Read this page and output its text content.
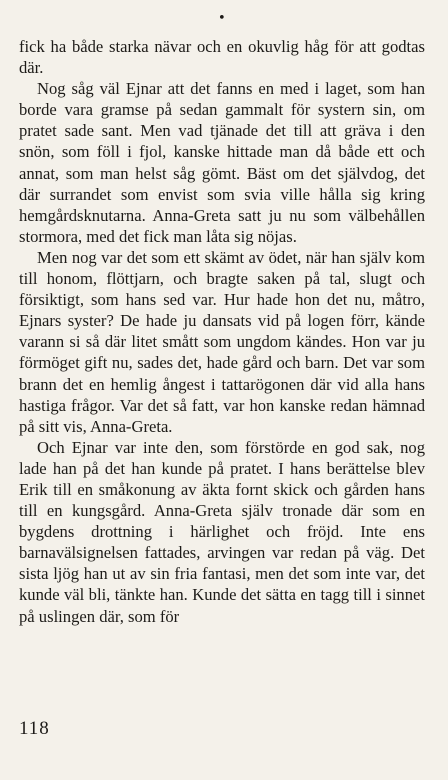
•

fick ha både starka nävar och en okuvlig håg för att godtas där.

Nog såg väl Ejnar att det fanns en med i laget, som han borde vara gramse på sedan gammalt för systern sin, om pratet sade sant. Men vad tjänade det till att gräva i den snön, som föll i fjol, kanske hittade man då både ett och annat, som man helst såg gömt. Bäst om det självdog, det där surrandet som envist som svia ville hålla sig kring hemgårdsknutarna. Anna-Greta satt ju nu som välbehållen stormora, med det fick man låta sig nöjas.

Men nog var det som ett skämt av ödet, när han själv kom till honom, flöttjarn, och bragte saken på tal, slugt och försiktigt, som hans sed var. Hur hade hon det nu, måtro, Ejnars syster? De hade ju dansats vid på logen förr, kände varann si så där litet smått som ungdom kändes. Hon var ju förmöget gift nu, sades det, hade gård och barn. Det var som brann det en hemlig ångest i tattarögonen där vid alla hans hastiga frågor. Var det så fatt, var hon kanske redan hämnad på sitt vis, Anna-Greta.

Och Ejnar var inte den, som förstörde en god sak, nog lade han på det han kunde på pratet. I hans berättelse blev Erik till en småkonung av äkta fornt skick och gården hans till en kungsgård. Anna-Greta själv tronade där som en bygdens drottning i härlighet och fröjd. Inte ens barnavälsignelsen fattades, arvingen var redan på väg. Det sista ljög han ut av sin fria fantasi, men det som inte var, det kunde väl bli, tänkte han. Kunde det sätta en tagg till i sinnet på uslingen där, som för

118
